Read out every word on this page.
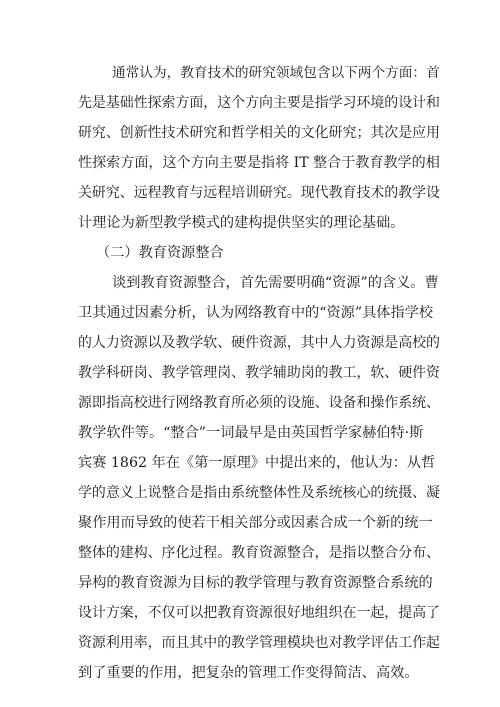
通常认为，教育技术的研究领域包含以下两个方面：首
先是基础性探索方面，这个方向主要是指学习环境的设计和
研究、创新性技术研究和哲学相关的文化研究；其次是应用
性探索方面，这个方向主要是指将 IT 整合于教育教学的相
关研究、远程教育与远程培训研究。现代教育技术的教学设
计理论为新型教学模式的建构提供坚实的理论基础。
（二）教育资源整合
谈到教育资源整合，首先需要明确“资源”的含义。曹
卫其通过因素分析，认为网络教育中的“资源”具体指学校
的人力资源以及教学软、硬件资源，其中人力资源是高校的
教学科研岗、教学管理岗、教学辅助岗的教工，软、硬件资
源即指高校进行网络教育所必须的设施、设备和操作系统、
教学软件等。“整合”一词最早是由英国哲学家赫伯特·斯
宾赛 1862 年在《第一原理》中提出来的，他认为：从哲
学的意义上说整合是指由系统整体性及系统核心的统摄、凝
聚作用而导致的使若干相关部分或因素合成一个新的统一
整体的建构、序化过程。教育资源整合，是指以整合分布、
异构的教育资源为目标的教学管理与教育资源整合系统的
设计方案，不仅可以把教育资源很好地组织在一起，提高了
资源利用率，而且其中的教学管理模块也对教学评估工作起
到了重要的作用，把复杂的管理工作变得简洁、高效。
